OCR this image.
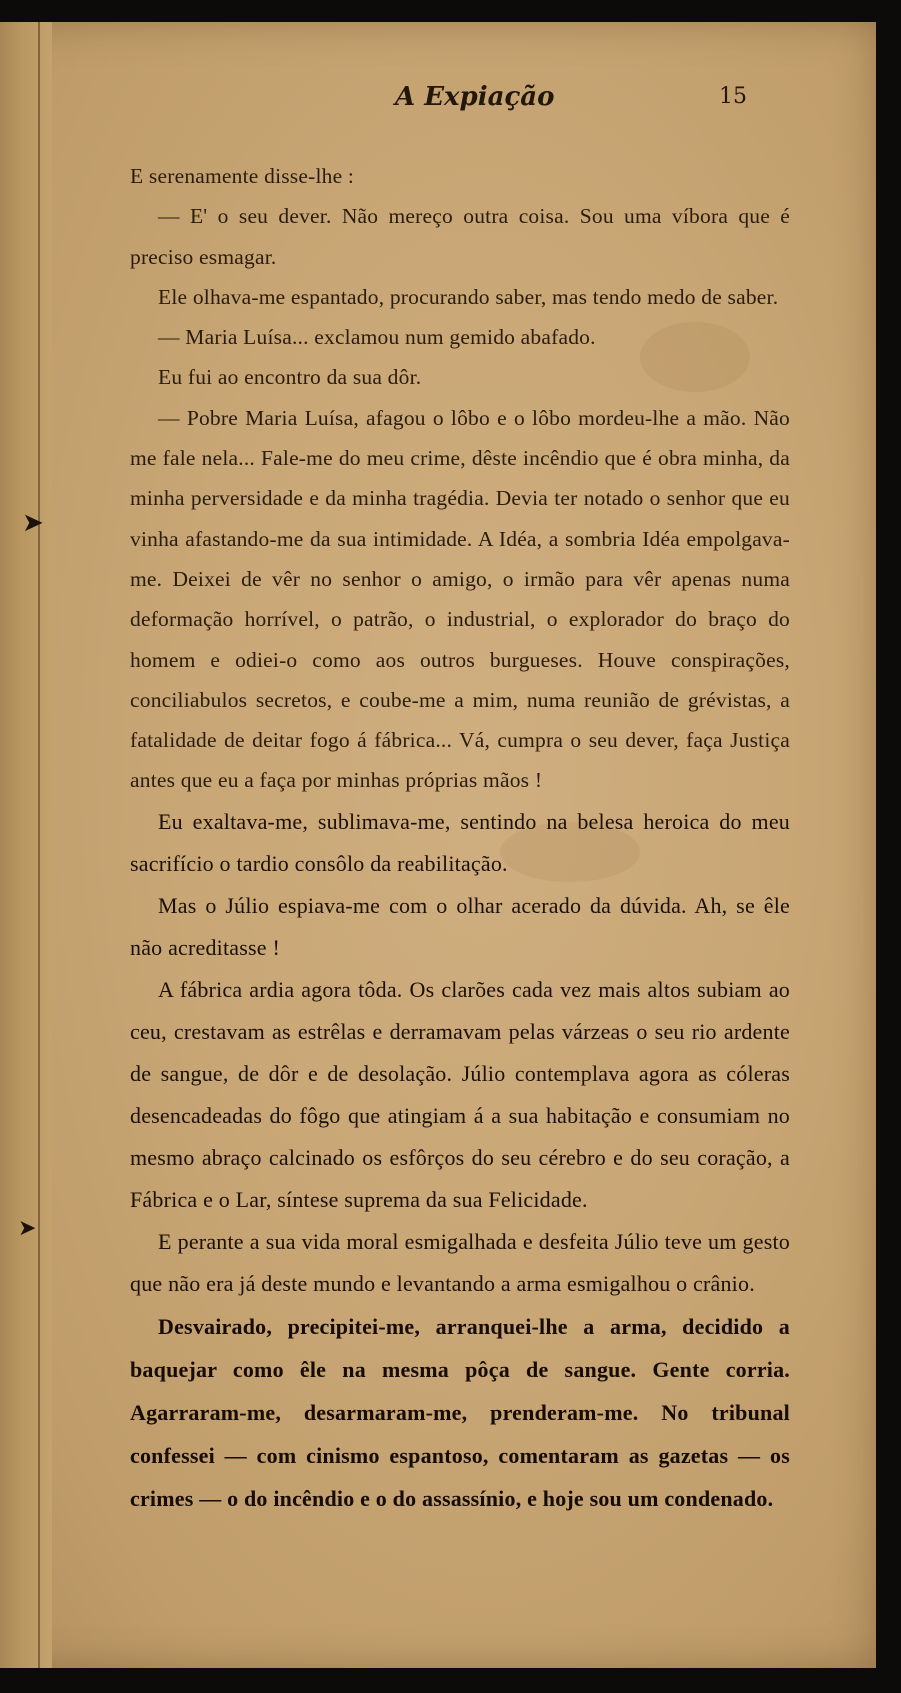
➤
➤
A Expiação	15

E serenamente disse-lhe :

— E' o seu dever. Não mereço outra coisa. Sou uma víbora que é preciso esmagar.

Ele olhava-me espantado, procurando saber, mas tendo medo de saber.

— Maria Luísa... exclamou num gemido abafado.

Eu fui ao encontro da sua dôr.

— Pobre Maria Luísa, afagou o lôbo e o lôbo mordeu-lhe a mão. Não me fale nela... Fale-me do meu crime, dêste incêndio que é obra minha, da minha perversidade e da minha tragédia. Devia ter notado o senhor que eu vinha afastando-me da sua intimidade. A Idéa, a sombria Idéa empolgava-me. Deixei de vêr no senhor o amigo, o irmão para vêr apenas numa deformação horrível, o patrão, o industrial, o explorador do braço do homem e odiei-o como aos outros burgueses. Houve conspirações, conciliabulos secretos, e coube-me a mim, numa reunião de grévistas, a fatalidade de deitar fogo á fábrica... Vá, cumpra o seu dever, faça Justiça antes que eu a faça por minhas próprias mãos !

Eu exaltava-me, sublimava-me, sentindo na belesa heroica do meu sacrifício o tardio consôlo da reabilitação.

Mas o Júlio espiava-me com o olhar acerado da dúvida. Ah, se êle não acreditasse !

A fábrica ardia agora tôda. Os clarões cada vez mais altos subiam ao ceu, crestavam as estrêlas e derramavam pelas várzeas o seu rio ardente de sangue, de dôr e de desolação. Júlio contemplava agora as cóleras desencadeadas do fôgo que atingiam á a sua habitação e consumiam no mesmo abraço calcinado os esfôrços do seu cérebro e do seu coração, a Fábrica e o Lar, síntese suprema da sua Felicidade.

E perante a sua vida moral esmigalhada e desfeita Júlio teve um gesto que não era já deste mundo e levantando a arma esmigalhou o crânio.

Desvairado, precipitei-me, arranquei-lhe a arma, decidido a baquejar como êle na mesma pôça de sangue. Gente corria. Agarraram-me, desarmaram-me, prenderam-me. No tribunal confessei — com cinismo espantoso, comentaram as gazetas — os crimes — o do incêndio e o do assassínio, e hoje sou um condenado.
